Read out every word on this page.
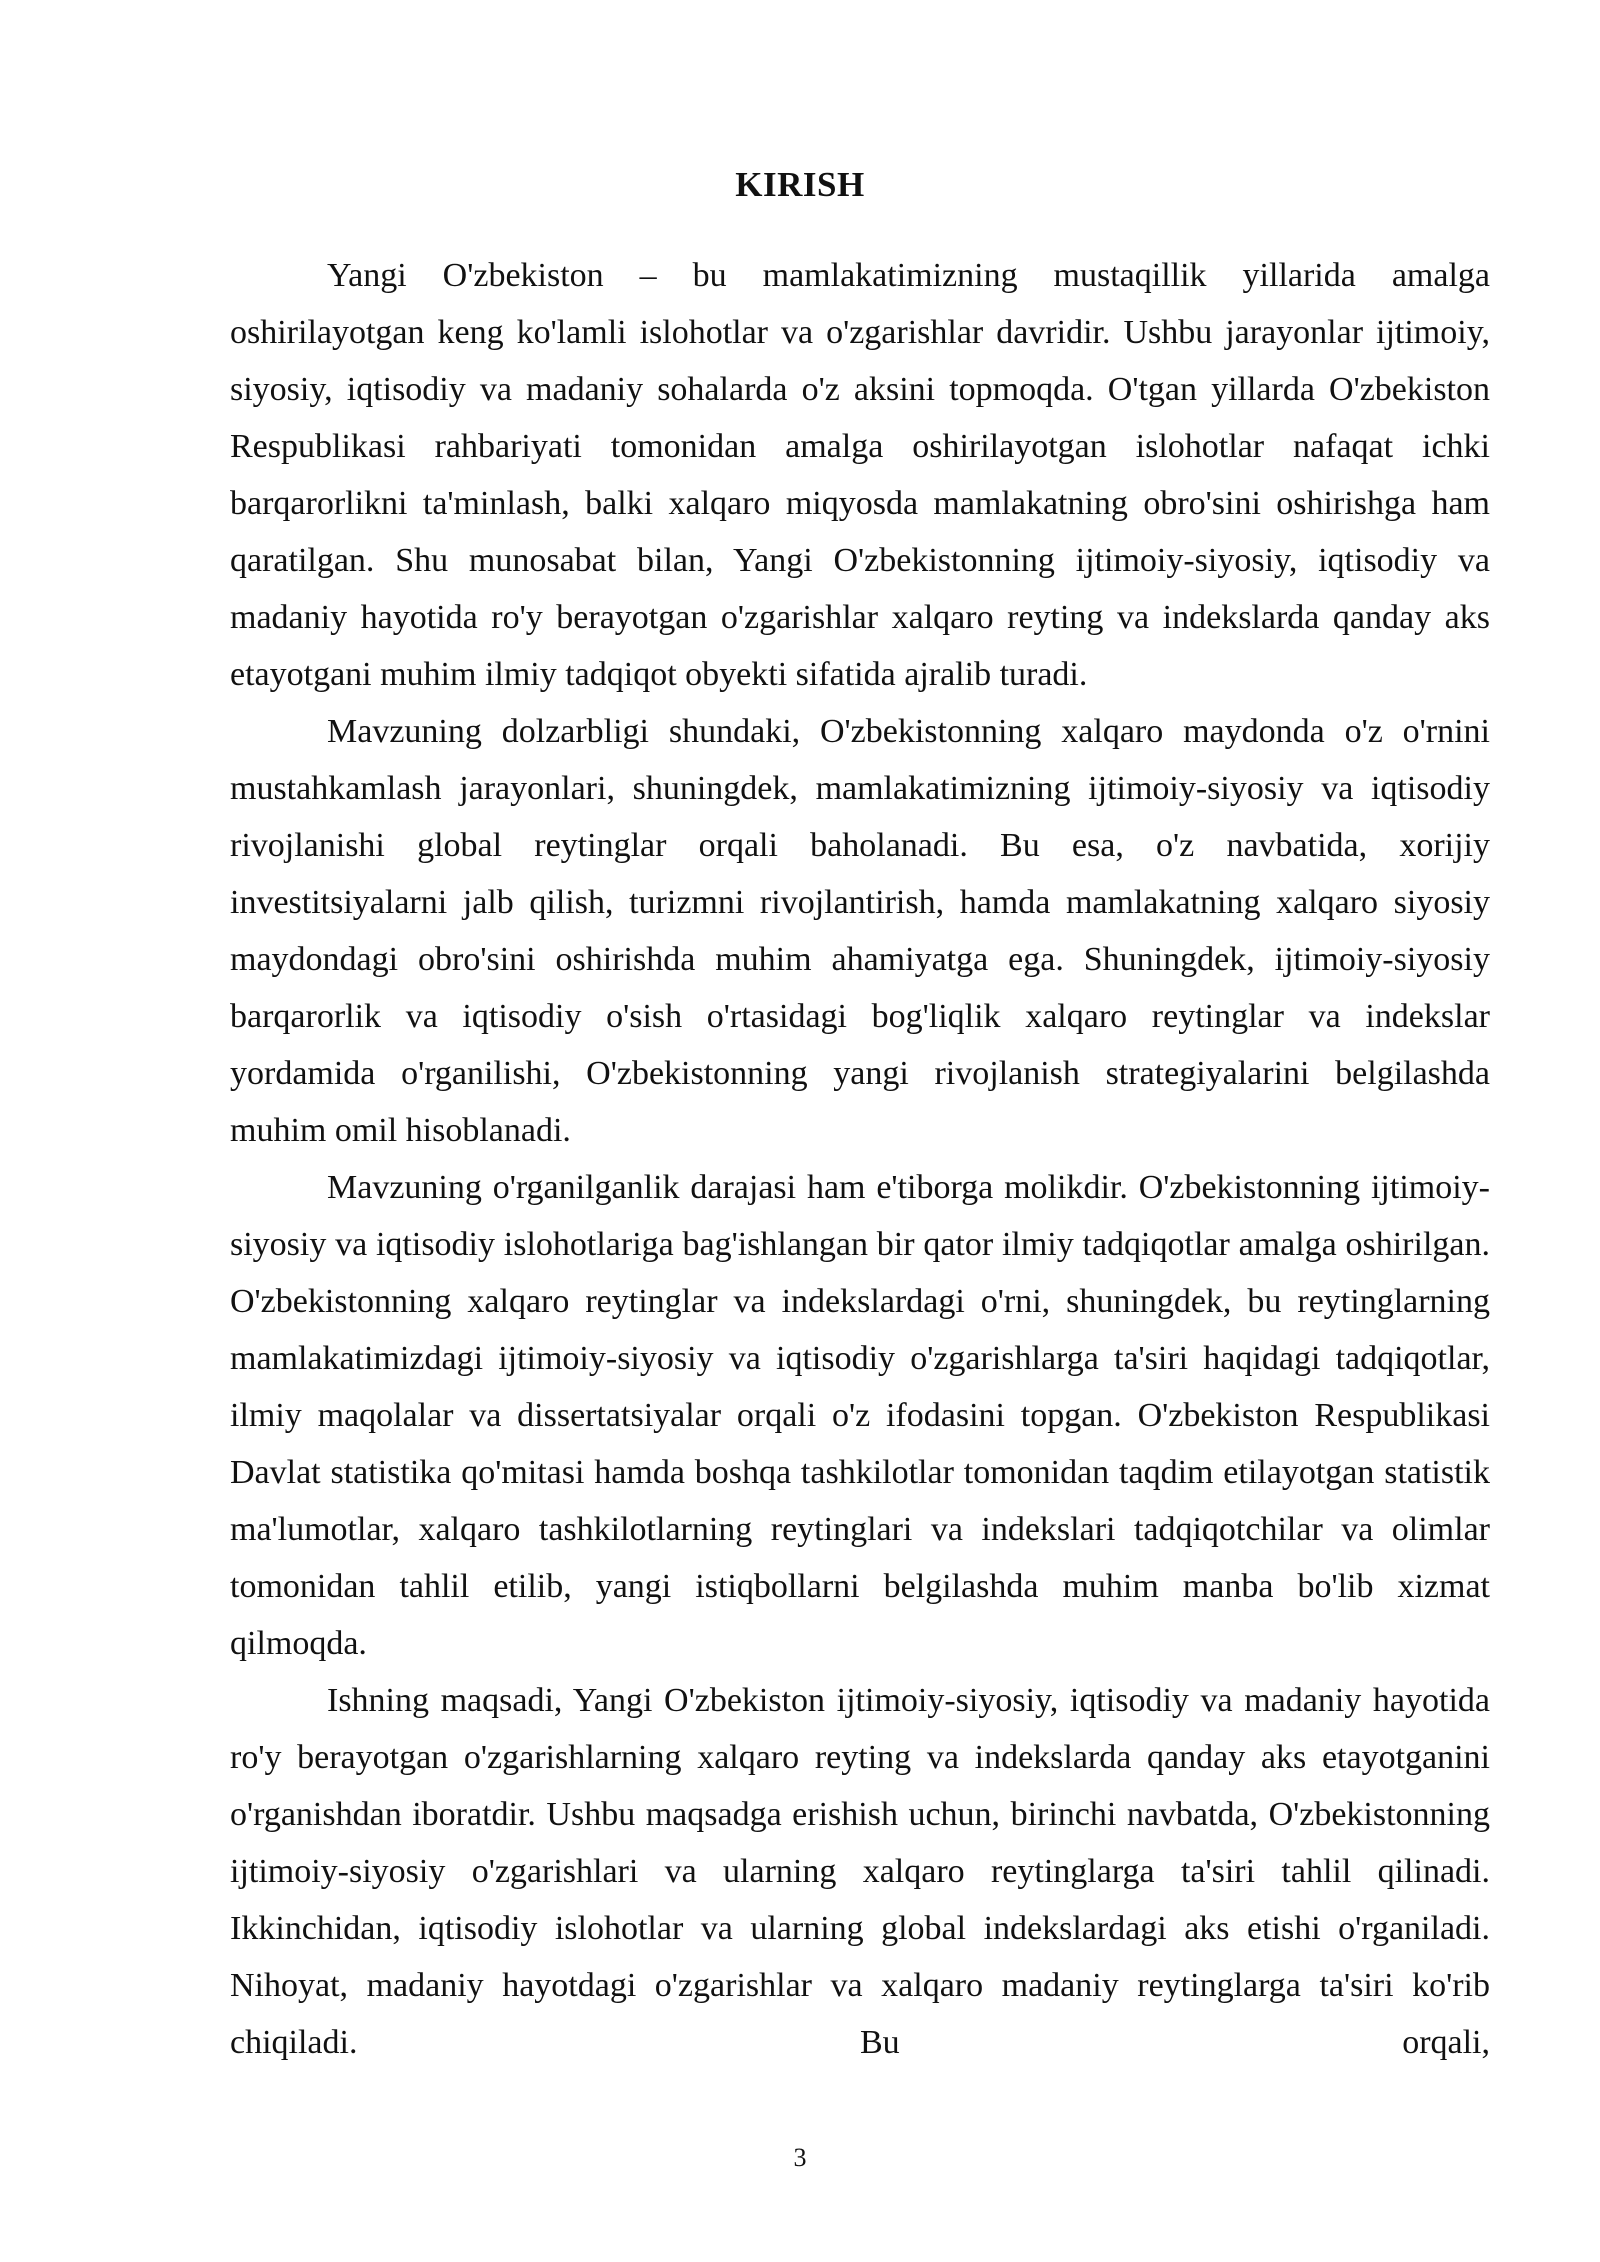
KIRISH

Yangi O'zbekiston – bu mamlakatimizning mustaqillik yillarida amalga oshirilayotgan keng ko'lamli islohotlar va o'zgarishlar davridir. Ushbu jarayonlar ijtimoiy, siyosiy, iqtisodiy va madaniy sohalarda o'z aksini topmoqda. O'tgan yillarda O'zbekiston Respublikasi rahbariyati tomonidan amalga oshirilayotgan islohotlar nafaqat ichki barqarorlikni ta'minlash, balki xalqaro miqyosda mamlakatning obro'sini oshirishga ham qaratilgan. Shu munosabat bilan, Yangi O'zbekistonning ijtimoiy-siyosiy, iqtisodiy va madaniy hayotida ro'y berayotgan o'zgarishlar xalqaro reyting va indekslarda qanday aks etayotgani muhim ilmiy tadqiqot obyekti sifatida ajralib turadi.

Mavzuning dolzarbligi shundaki, O'zbekistonning xalqaro maydonda o'z o'rnini mustahkamlash jarayonlari, shuningdek, mamlakatimizning ijtimoiy-siyosiy va iqtisodiy rivojlanishi global reytinglar orqali baholanadi. Bu esa, o'z navbatida, xorijiy investitsiyalarni jalb qilish, turizmni rivojlantirish, hamda mamlakatning xalqaro siyosiy maydondagi obro'sini oshirishda muhim ahamiyatga ega. Shuningdek, ijtimoiy-siyosiy barqarorlik va iqtisodiy o'sish o'rtasidagi bog'liqlik xalqaro reytinglar va indekslar yordamida o'rganilishi, O'zbekistonning yangi rivojlanish strategiyalarini belgilashda muhim omil hisoblanadi.

Mavzuning o'rganilganlik darajasi ham e'tiborga molikdir. O'zbekistonning ijtimoiy-siyosiy va iqtisodiy islohotlariga bag'ishlangan bir qator ilmiy tadqiqotlar amalga oshirilgan. O'zbekistonning xalqaro reytinglar va indekslardagi o'rni, shuningdek, bu reytinglarning mamlakatimizdagi ijtimoiy-siyosiy va iqtisodiy o'zgarishlarga ta'siri haqidagi tadqiqotlar, ilmiy maqolalar va dissertatsiyalar orqali o'z ifodasini topgan. O'zbekiston Respublikasi Davlat statistika qo'mitasi hamda boshqa tashkilotlar tomonidan taqdim etilayotgan statistik ma'lumotlar, xalqaro tashkilotlarning reytinglari va indekslari tadqiqotchilar va olimlar tomonidan tahlil etilib, yangi istiqbollarni belgilashda muhim manba bo'lib xizmat qilmoqda.

Ishning maqsadi, Yangi O'zbekiston ijtimoiy-siyosiy, iqtisodiy va madaniy hayotida ro'y berayotgan o'zgarishlarning xalqaro reyting va indekslarda qanday aks etayotganini o'rganishdan iboratdir. Ushbu maqsadga erishish uchun, birinchi navbatda, O'zbekistonning ijtimoiy-siyosiy o'zgarishlari va ularning xalqaro reytinglarga ta'siri tahlil qilinadi. Ikkinchidan, iqtisodiy islohotlar va ularning global indekslardagi aks etishi o'rganiladi. Nihoyat, madaniy hayotdagi o'zgarishlar va xalqaro madaniy reytinglarga ta'siri ko'rib chiqiladi. Bu orqali,

3
